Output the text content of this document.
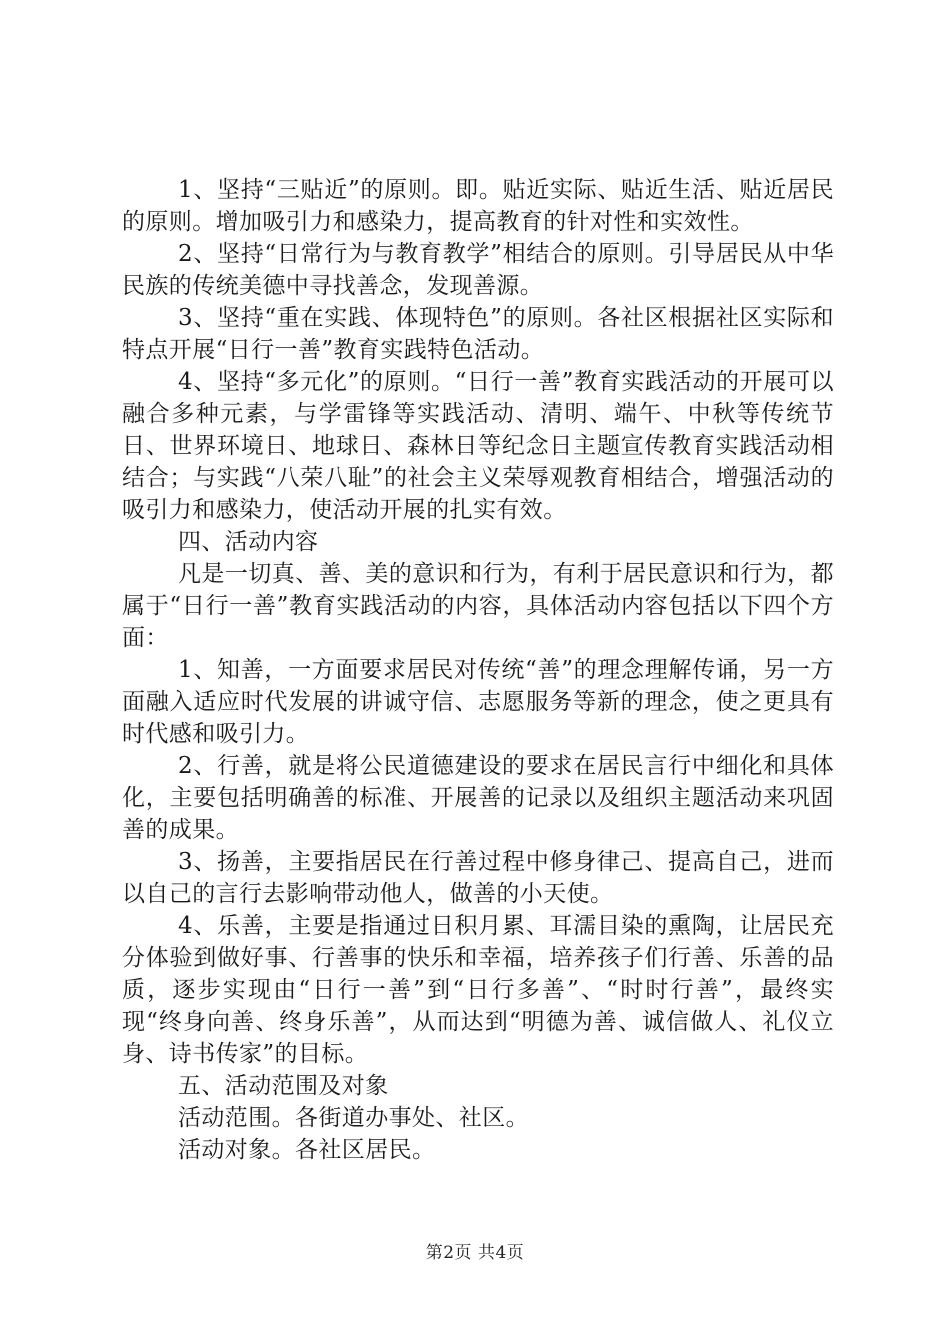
1、坚持“三贴近”的原则。即。贴近实际、贴近生活、贴近居民的原则。增加吸引力和感染力，提高教育的针对性和实效性。

2、坚持“日常行为与教育教学”相结合的原则。引导居民从中华民族的传统美德中寻找善念，发现善源。

3、坚持“重在实践、体现特色”的原则。各社区根据社区实际和特点开展“日行一善”教育实践特色活动。

4、坚持“多元化”的原则。“日行一善”教育实践活动的开展可以融合多种元素，与学雷锋等实践活动、清明、端午、中秋等传统节日、世界环境日、地球日、森林日等纪念日主题宣传教育实践活动相结合；与实践“八荣八耻”的社会主义荣辱观教育相结合，增强活动的吸引力和感染力，使活动开展的扎实有效。

四、活动内容

凡是一切真、善、美的意识和行为，有利于居民意识和行为，都属于“日行一善”教育实践活动的内容，具体活动内容包括以下四个方面：

1、知善，一方面要求居民对传统“善”的理念理解传诵，另一方面融入适应时代发展的讲诚守信、志愿服务等新的理念，使之更具有时代感和吸引力。

2、行善，就是将公民道德建设的要求在居民言行中细化和具体化，主要包括明确善的标准、开展善的记录以及组织主题活动来巩固善的成果。

3、扬善，主要指居民在行善过程中修身律己、提高自己，进而以自己的言行去影响带动他人，做善的小天使。

4、乐善，主要是指通过日积月累、耳濡目染的熏陶，让居民充分体验到做好事、行善事的快乐和幸福，培养孩子们行善、乐善的品质，逐步实现由“日行一善”到“日行多善”、“时时行善”，最终实现“终身向善、终身乐善”，从而达到“明德为善、诚信做人、礼仪立身、诗书传家”的目标。

五、活动范围及对象

活动范围。各街道办事处、社区。

活动对象。各社区居民。

第2页 共4页
